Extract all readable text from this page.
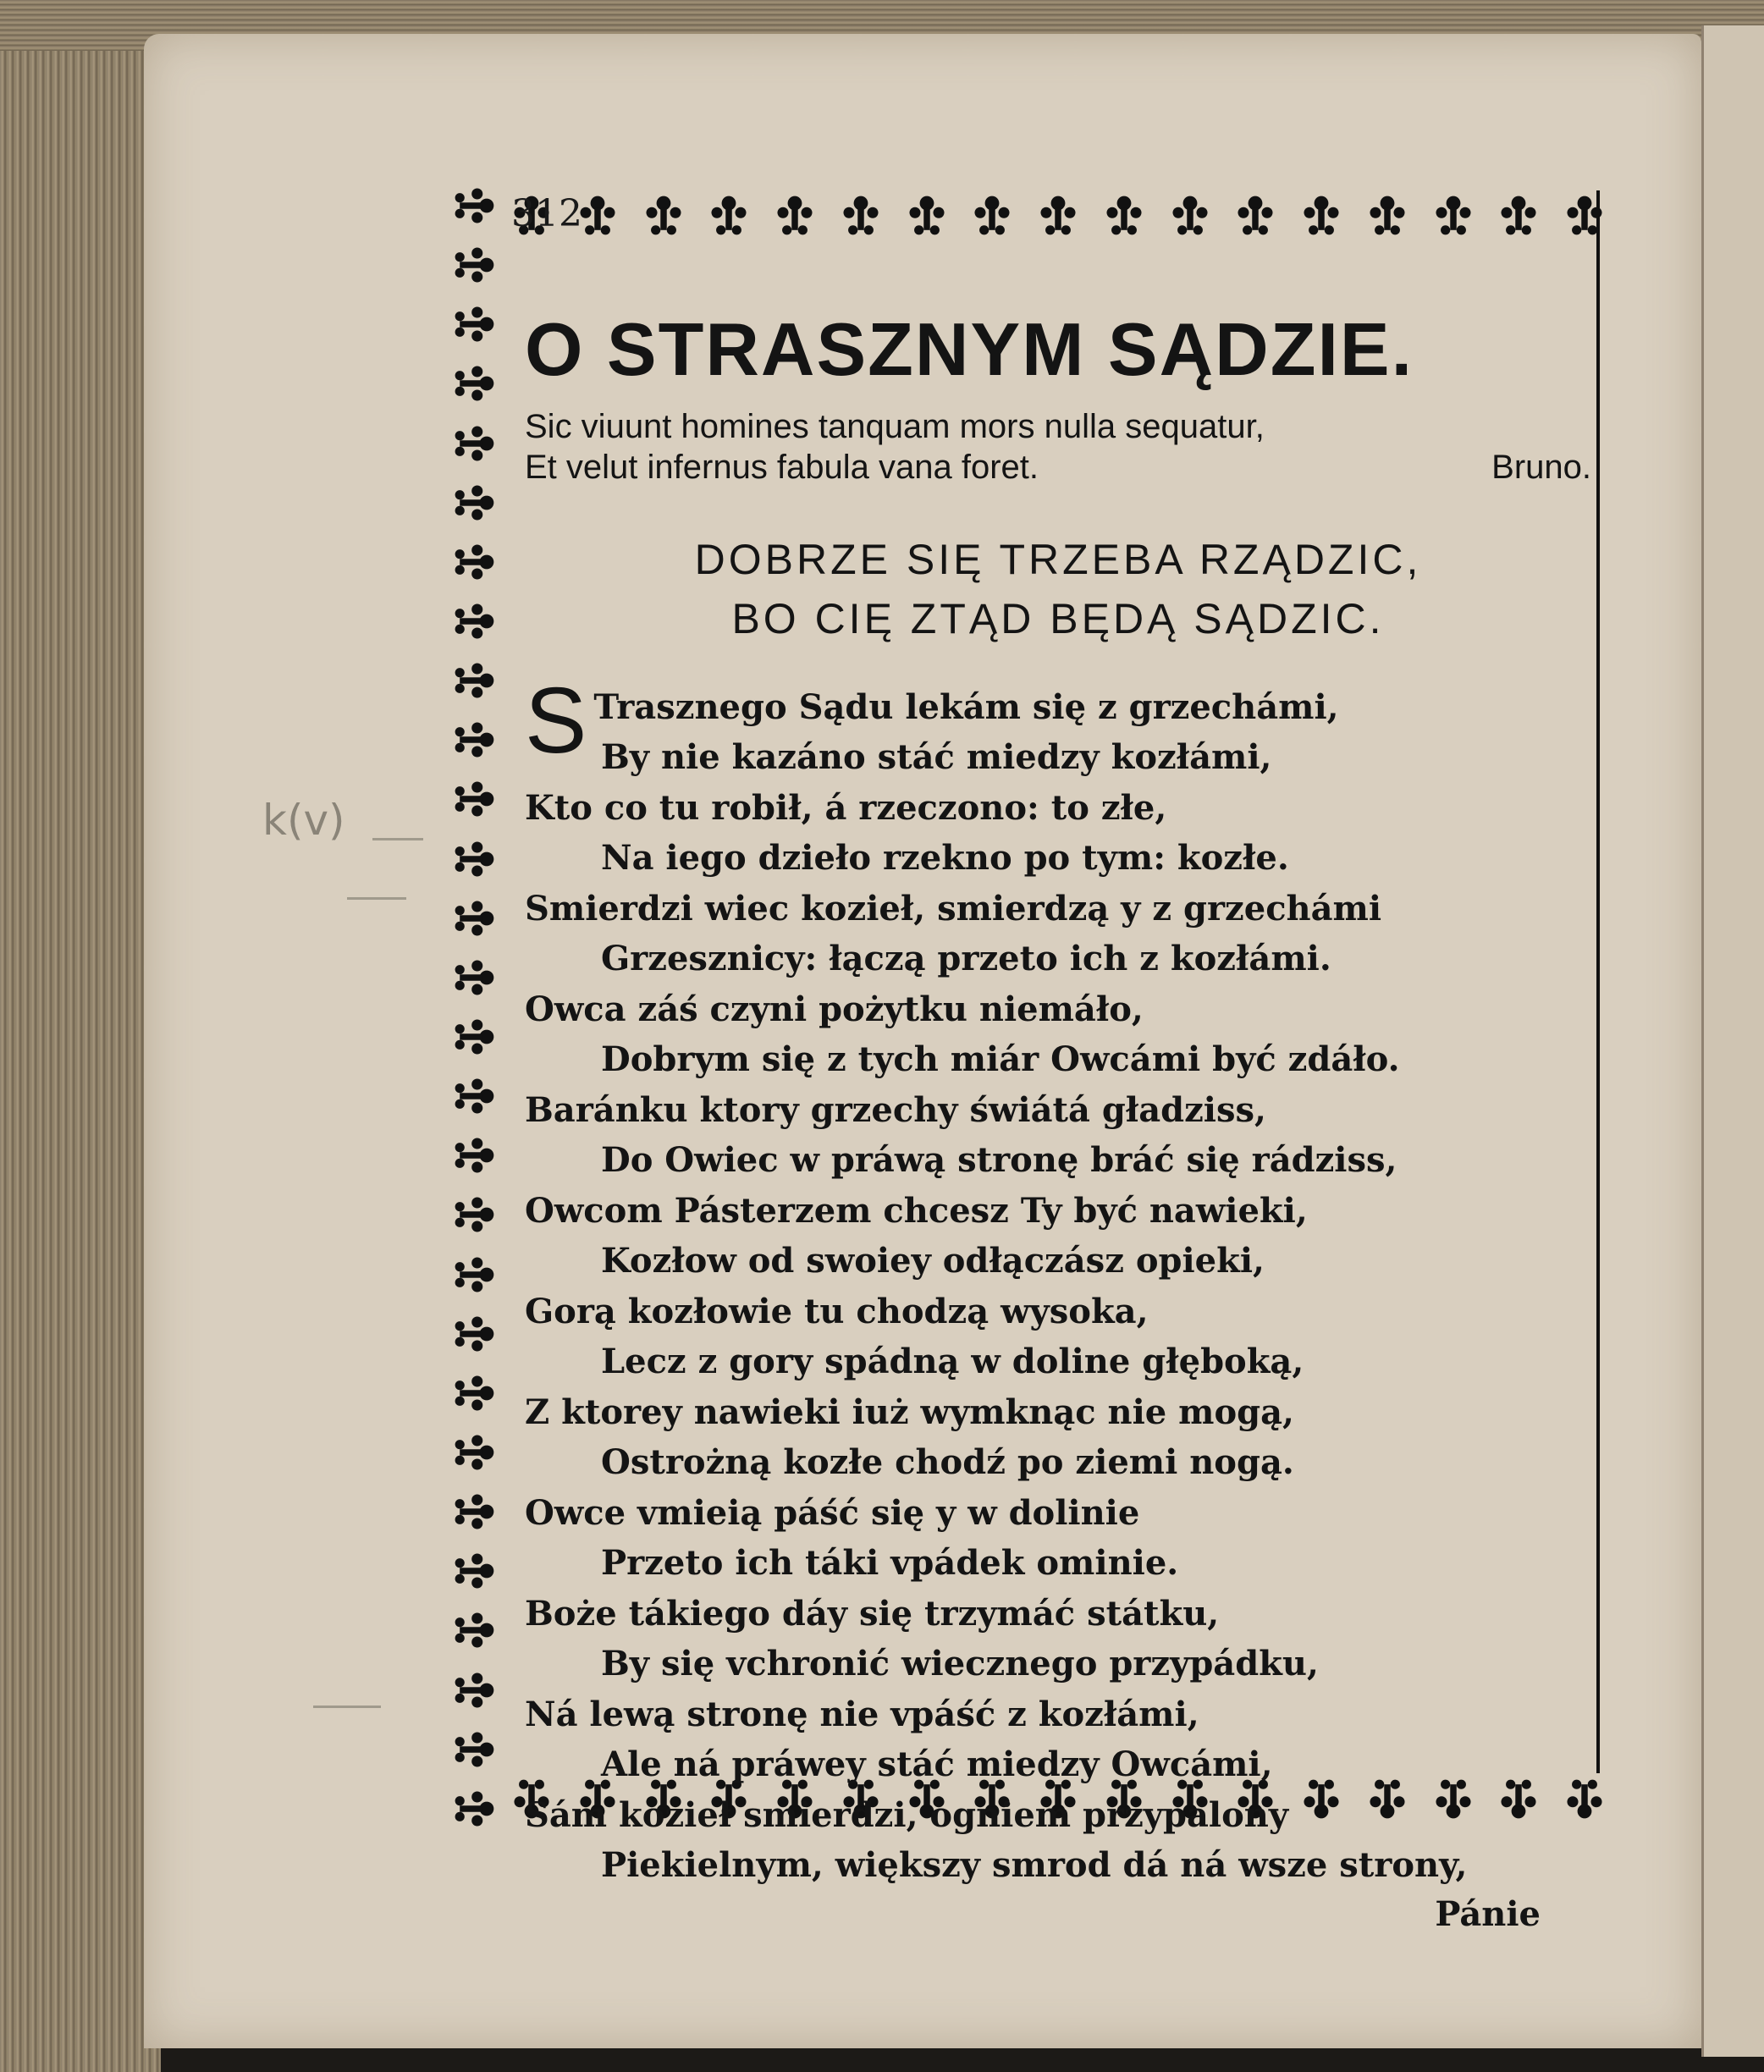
k(v)
312
O STRASZNYM SĄDZIE.
Sic viuunt homines tanquam mors nulla sequatur,
Et velut infernus fabula vana foret.	Bruno.
DOBRZE SIĘ TRZEBA RZĄDZIC,
BO CIĘ ZTĄD BĘDĄ SĄDZIC.
S Trasznego Sądu lekám się z grzechámi,
By nie kazáno stáć miedzy kozłámi,
Kto co tu robił, á rzeczono: to złe,
Na iego dzieło rzekno po tym: kozłe.
Smierdzi wiec kozieł, smierdzą y z grzechámi
Grzesznicy: łączą przeto ich z kozłámi.
Owca záś czyni pożytku niemáło,
Dobrym się z tych miár Owcámi być zdáło.
Baránku ktory grzechy świátá gładziss,
Do Owiec w práwą stronę bráć się rádziss,
Owcom Pásterzem chcesz Ty być nawieki,
Kozłow od swoiey odłączász opieki,
Gorą kozłowie tu chodzą wysoka,
Lecz z gory spádną w doline głęboką,
Z ktorey nawieki iuż wymknąc nie mogą,
Ostrożną kozłe chodź po ziemi nogą.
Owce vmieią páść się y w dolinie
Przeto ich táki vpádek ominie.
Boże tákiego dáy się trzymáć státku,
By się vchronić wiecznego przypádku,
Ná lewą stronę nie vpáść z kozłámi,
Ale ná práwey stáć miedzy Owcámi,
Sám kozieł smierdzi, ogniem przypalony
Piekielnym, większy smrod dá ná wsze strony,
Pánie
